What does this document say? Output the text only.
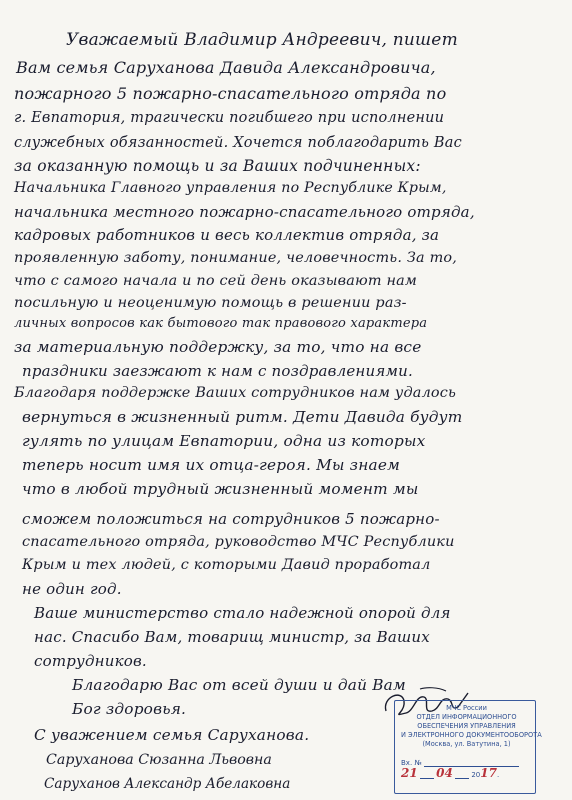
Уважаемый Владимир Андреевич, пишет
Вам семья Саруханова Давида Александровича,
пожарного 5 пожарно-спасательного отряда по
г. Евпатория, трагически погибшего при исполнении
служебных обязанностей. Хочется поблагодарить Вас
за оказанную помощь и за Ваших подчиненных:
Начальника Главного управления по Республике Крым,
начальника местного пожарно-спасательного отряда,
кадровых работников и весь коллектив отряда, за
проявленную заботу, понимание, человечность. За то,
что с самого начала и по сей день оказывают нам
посильную и неоценимую помощь в решении раз-
личных вопросов как бытового так правового характера
за материальную поддержку, за то, что на все
праздники заезжают к нам с поздравлениями.
Благодаря поддержке Ваших сотрудников нам удалось
вернуться в жизненный ритм. Дети Давида будут
гулять по улицам Евпатории, одна из которых
теперь носит имя их отца-героя. Мы знаем
что в любой трудный жизненный момент мы
сможем положиться на сотрудников 5 пожарно-
спасательного отряда, руководство МЧС Республики
Крым и тех людей, с которыми Давид проработал
не один год.
Ваше министерство стало надежной опорой для
нас. Спасибо Вам, товарищ министр, за Ваших
сотрудников.
Благодарю Вас от всей души и дай Вам
Бог здоровья.
С уважением семья Саруханова.
Саруханова Сюзанна Львовна
Саруханов Александр Абелаковна
МЧС России
ОТДЕЛ ИНФОРМАЦИОННОГО
ОБЕСПЕЧЕНИЯ УПРАВЛЕНИЯ
И ЭЛЕКТРОННОГО ДОКУМЕНТООБОРОТА
(Москва, ул. Ватутина, 1)
Вх. №
21 04	2017.
